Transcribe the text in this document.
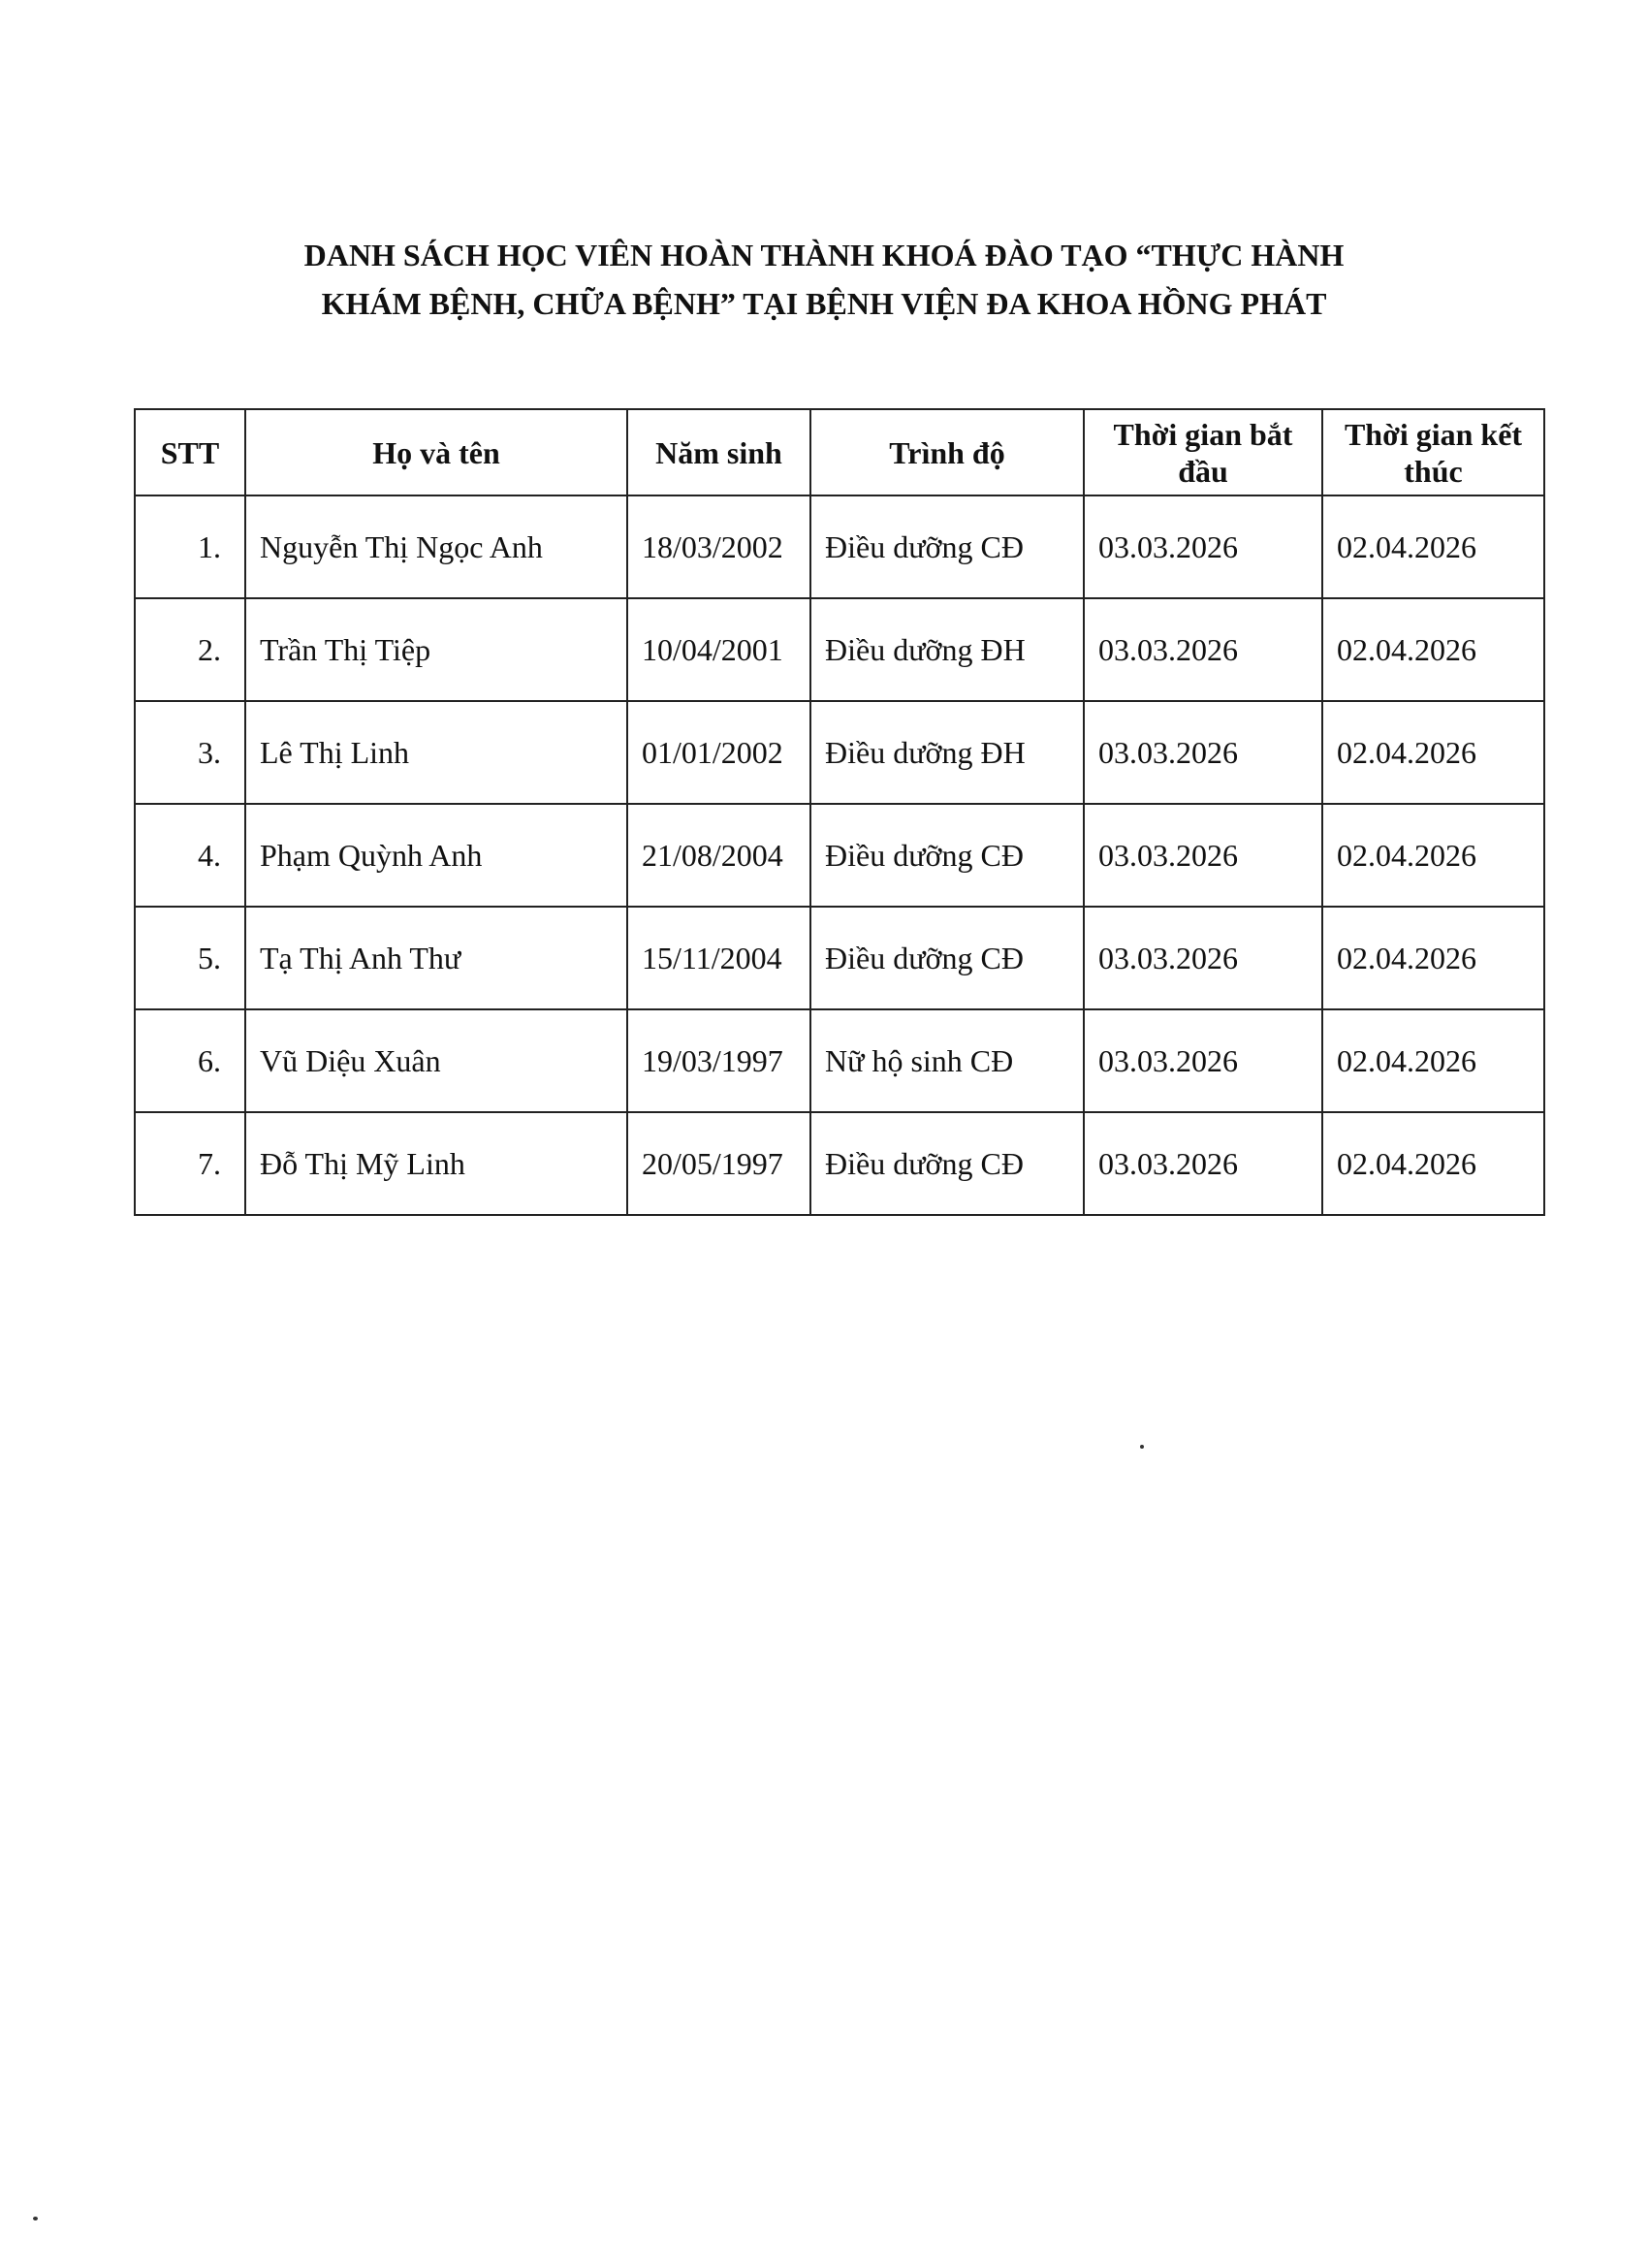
DANH SÁCH HỌC VIÊN HOÀN THÀNH KHOÁ ĐÀO TẠO “THỰC HÀNH
KHÁM BỆNH, CHỮA BỆNH” TẠI BỆNH VIỆN ĐA KHOA HỒNG PHÁT
STT	Họ và tên	Năm sinh	Trình độ	Thời gian bắt đầu	Thời gian kết thúc
1.	Nguyễn Thị Ngọc Anh	18/03/2002	Điều dưỡng CĐ	03.03.2026	02.04.2026
2.	Trần Thị Tiệp	10/04/2001	Điều dưỡng ĐH	03.03.2026	02.04.2026
3.	Lê Thị Linh	01/01/2002	Điều dưỡng ĐH	03.03.2026	02.04.2026
4.	Phạm Quỳnh Anh	21/08/2004	Điều dưỡng CĐ	03.03.2026	02.04.2026
5.	Tạ Thị Anh Thư	15/11/2004	Điều dưỡng CĐ	03.03.2026	02.04.2026
6.	Vũ Diệu Xuân	19/03/1997	Nữ hộ sinh CĐ	03.03.2026	02.04.2026
7.	Đỗ Thị Mỹ Linh	20/05/1997	Điều dưỡng CĐ	03.03.2026	02.04.2026
